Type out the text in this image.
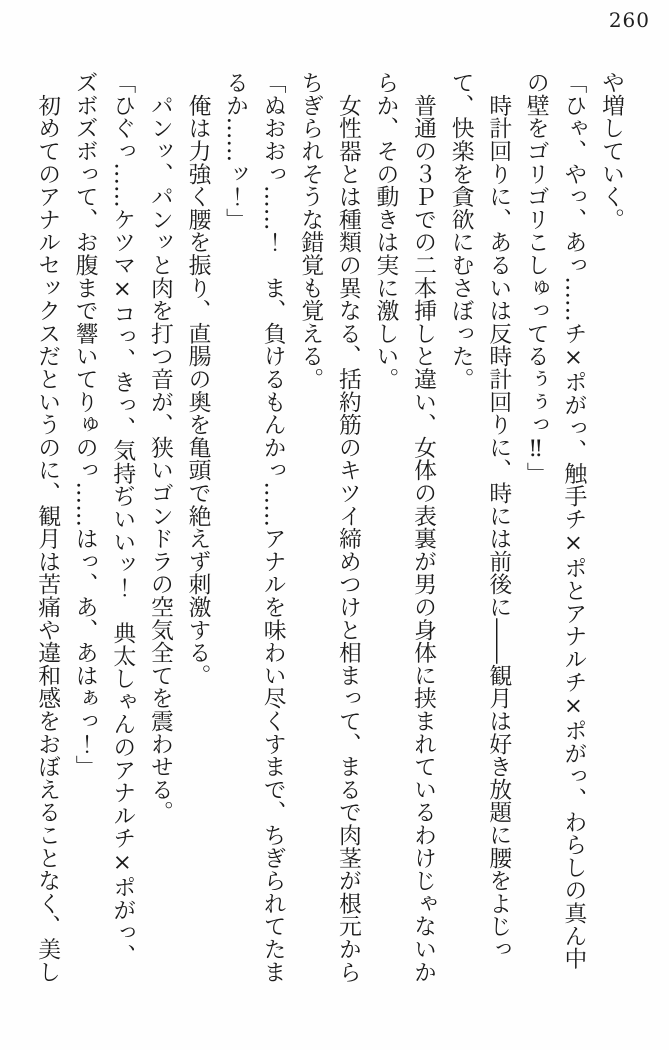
260

や増していく。

「ひゃ、やっ、あっ……チ×ポがっ、触手チ×ポとアナルチ×ポがっ、わらしの真ん中の壁をゴリゴリこしゅってるぅぅっ‼」

　時計回りに、あるいは反時計回りに、時には前後に――観月は好き放題に腰をよじって、快楽を貪欲にむさぼった。

　普通の３Ｐでの二本挿しと違い、女体の表裏が男の身体に挟まれているわけじゃないからか、その動きは実に激しい。

　女性器とは種類の異なる、括約筋のキツイ締めつけと相まって、まるで肉茎が根元からちぎられそうな錯覚も覚える。

「ぬおおっ……！　ま、負けるもんかっ……アナルを味わい尽くすまで、ちぎられてたまるか……ッ！」

　俺は力強く腰を振り、直腸の奥を亀頭で絶えず刺激する。

　パンッ、パンッと肉を打つ音が、狭いゴンドラの空気全てを震わせる。

「ひぐっ……ケツマ×コっ、きっ、気持ぢいいッ！　典太しゃんのアナルチ×ポがっ、ズボズボって、お腹まで響いてりゅのっ……はっ、あ、あはぁっ！」

　初めてのアナルセックスだというのに、観月は苦痛や違和感をおぼえることなく、美し
